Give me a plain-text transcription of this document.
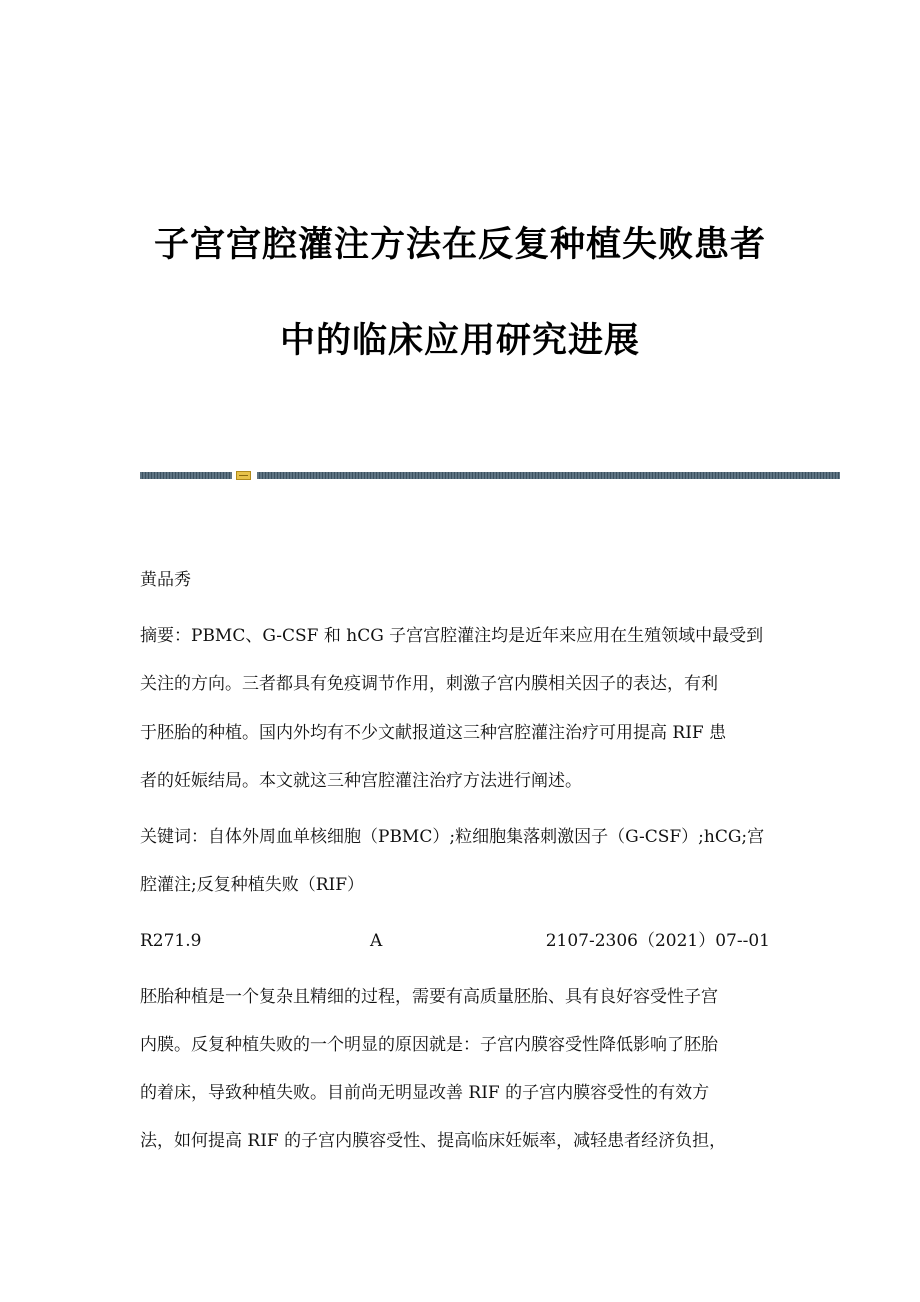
子宫宫腔灌注方法在反复种植失败患者
中的临床应用研究进展
黄品秀
摘要：PBMC、G-CSF 和 hCG 子宫宫腔灌注均是近年来应用在生殖领域中最受到
关注的方向。三者都具有免疫调节作用，刺激子宫内膜相关因子的表达，有利
于胚胎的种植。国内外均有不少文献报道这三种宫腔灌注治疗可用提高 RIF 患
者的妊娠结局。本文就这三种宫腔灌注治疗方法进行阐述。
关键词：自体外周血单核细胞（PBMC）;粒细胞集落刺激因子（G-CSF）;hCG;宫
腔灌注;反复种植失败（RIF）
R271.9	A	2107-2306（2021）07--01
胚胎种植是一个复杂且精细的过程，需要有高质量胚胎、具有良好容受性子宫
内膜。反复种植失败的一个明显的原因就是：子宫内膜容受性降低影响了胚胎
的着床，导致种植失败。目前尚无明显改善 RIF 的子宫内膜容受性的有效方
法，如何提高 RIF 的子宫内膜容受性、提高临床妊娠率，减轻患者经济负担，
